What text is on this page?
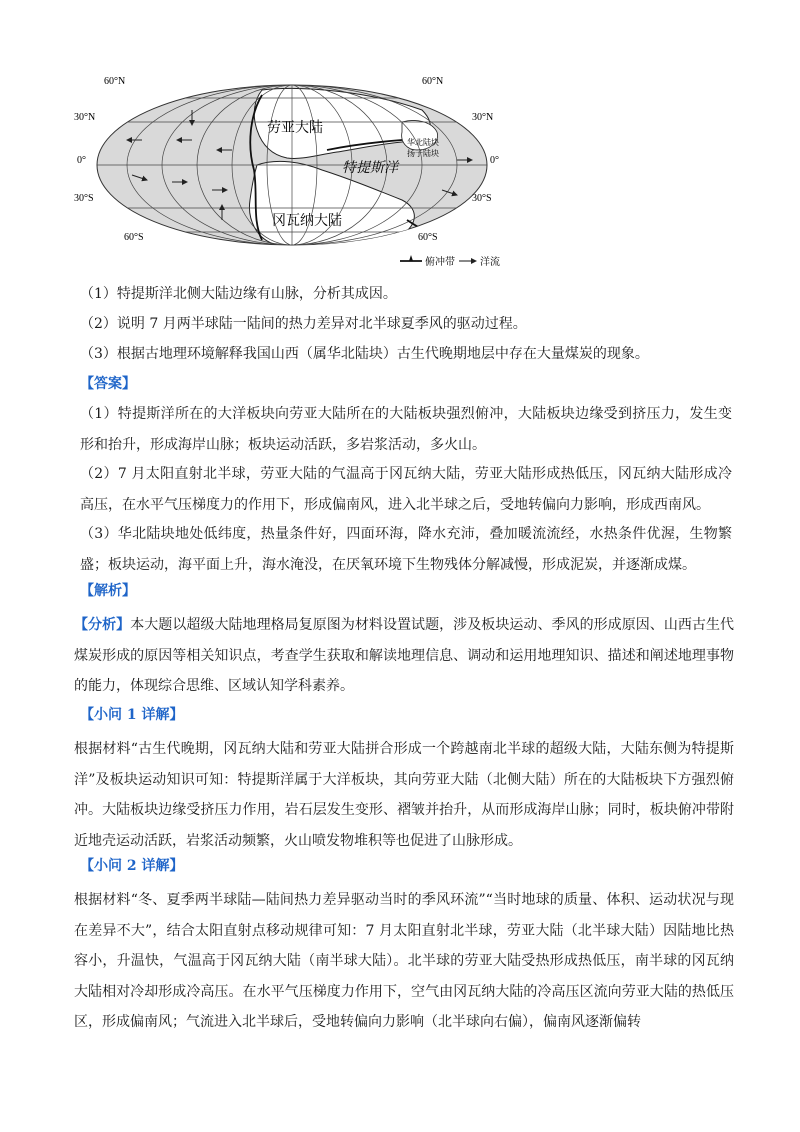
60°N	60°N
30°N	30°N
0°	0°
30°S	30°S
60°S	60°S
劳亚大陆
特提斯洋
冈瓦纳大陆
华北陆块
扬子陆块
俯冲带	洋流
（1）特提斯洋北侧大陆边缘有山脉，分析其成因。
（2）说明 7 月两半球陆一陆间的热力差异对北半球夏季风的驱动过程。
（3）根据古地理环境解释我国山西（属华北陆块）古生代晚期地层中存在大量煤炭的现象。
【答案】
（1）特提斯洋所在的大洋板块向劳亚大陆所在的大陆板块强烈俯冲，大陆板块边缘受到挤压力，发生变形和抬升，形成海岸山脉；板块运动活跃，多岩浆活动，多火山。
（2）7 月太阳直射北半球，劳亚大陆的气温高于冈瓦纳大陆，劳亚大陆形成热低压，冈瓦纳大陆形成冷高压，在水平气压梯度力的作用下，形成偏南风，进入北半球之后，受地转偏向力影响，形成西南风。
（3）华北陆块地处低纬度，热量条件好，四面环海，降水充沛，叠加暖流流经，水热条件优渥，生物繁盛；板块运动，海平面上升，海水淹没，在厌氧环境下生物残体分解减慢，形成泥炭，并逐渐成煤。
【解析】
【分析】本大题以超级大陆地理格局复原图为材料设置试题，涉及板块运动、季风的形成原因、山西古生代煤炭形成的原因等相关知识点，考查学生获取和解读地理信息、调动和运用地理知识、描述和阐述地理事物的能力，体现综合思维、区域认知学科素养。
【小问 1 详解】
根据材料“古生代晚期，冈瓦纳大陆和劳亚大陆拼合形成一个跨越南北半球的超级大陆，大陆东侧为特提斯洋”及板块运动知识可知：特提斯洋属于大洋板块，其向劳亚大陆（北侧大陆）所在的大陆板块下方强烈俯冲。大陆板块边缘受挤压力作用，岩石层发生变形、褶皱并抬升，从而形成海岸山脉；同时，板块俯冲带附近地壳运动活跃，岩浆活动频繁，火山喷发物堆积等也促进了山脉形成。
【小问 2 详解】
根据材料“冬、夏季两半球陆—陆间热力差异驱动当时的季风环流”“当时地球的质量、体积、运动状况与现在差异不大”，结合太阳直射点移动规律可知：7 月太阳直射北半球，劳亚大陆（北半球大陆）因陆地比热容小，升温快，气温高于冈瓦纳大陆（南半球大陆）。北半球的劳亚大陆受热形成热低压，南半球的冈瓦纳大陆相对冷却形成冷高压。在水平气压梯度力作用下，空气由冈瓦纳大陆的冷高压区流向劳亚大陆的热低压区，形成偏南风；气流进入北半球后，受地转偏向力影响（北半球向右偏），偏南风逐渐偏转
